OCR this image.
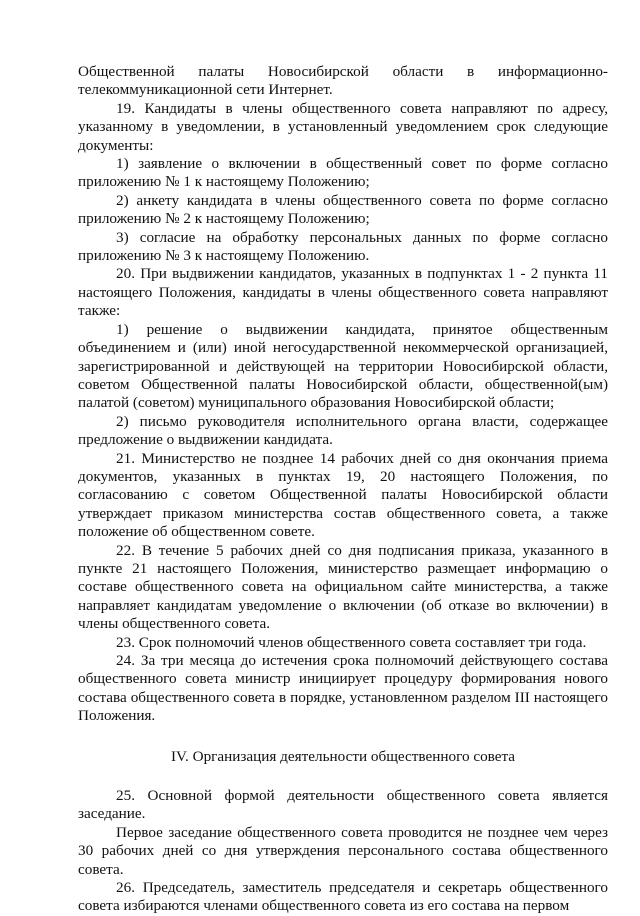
Общественной палаты Новосибирской области в информационно-телекоммуникационной сети Интернет.

19. Кандидаты в члены общественного совета направляют по адресу, указанному в уведомлении, в установленный уведомлением срок следующие документы:

1) заявление о включении в общественный совет по форме согласно приложению № 1 к настоящему Положению;

2) анкету кандидата в члены общественного совета по форме согласно приложению № 2 к настоящему Положению;

3) согласие на обработку персональных данных по форме согласно приложению № 3 к настоящему Положению.

20. При выдвижении кандидатов, указанных в подпунктах 1 - 2 пункта 11 настоящего Положения, кандидаты в члены общественного совета направляют также:

1) решение о выдвижении кандидата, принятое общественным объединением и (или) иной негосударственной некоммерческой организацией, зарегистрированной и действующей на территории Новосибирской области, советом Общественной палаты Новосибирской области, общественной(ым) палатой (советом) муниципального образования Новосибирской области;

2) письмо руководителя исполнительного органа власти, содержащее предложение о выдвижении кандидата.

21. Министерство не позднее 14 рабочих дней со дня окончания приема документов, указанных в пунктах 19, 20 настоящего Положения, по согласованию с советом Общественной палаты Новосибирской области утверждает приказом министерства состав общественного совета, а также положение об общественном совете.

22. В течение 5 рабочих дней со дня подписания приказа, указанного в пункте 21 настоящего Положения, министерство размещает информацию о составе общественного совета на официальном сайте министерства, а также направляет кандидатам уведомление о включении (об отказе во включении) в члены общественного совета.

23. Срок полномочий членов общественного совета составляет три года.

24. За три месяца до истечения срока полномочий действующего состава общественного совета министр инициирует процедуру формирования нового состава общественного совета в порядке, установленном разделом III настоящего Положения.

IV. Организация деятельности общественного совета

25. Основной формой деятельности общественного совета является заседание.

Первое заседание общественного совета проводится не позднее чем через 30 рабочих дней со дня утверждения персонального состава общественного совета.

26. Председатель, заместитель председателя и секретарь общественного совета избираются членами общественного совета из его состава на первом
